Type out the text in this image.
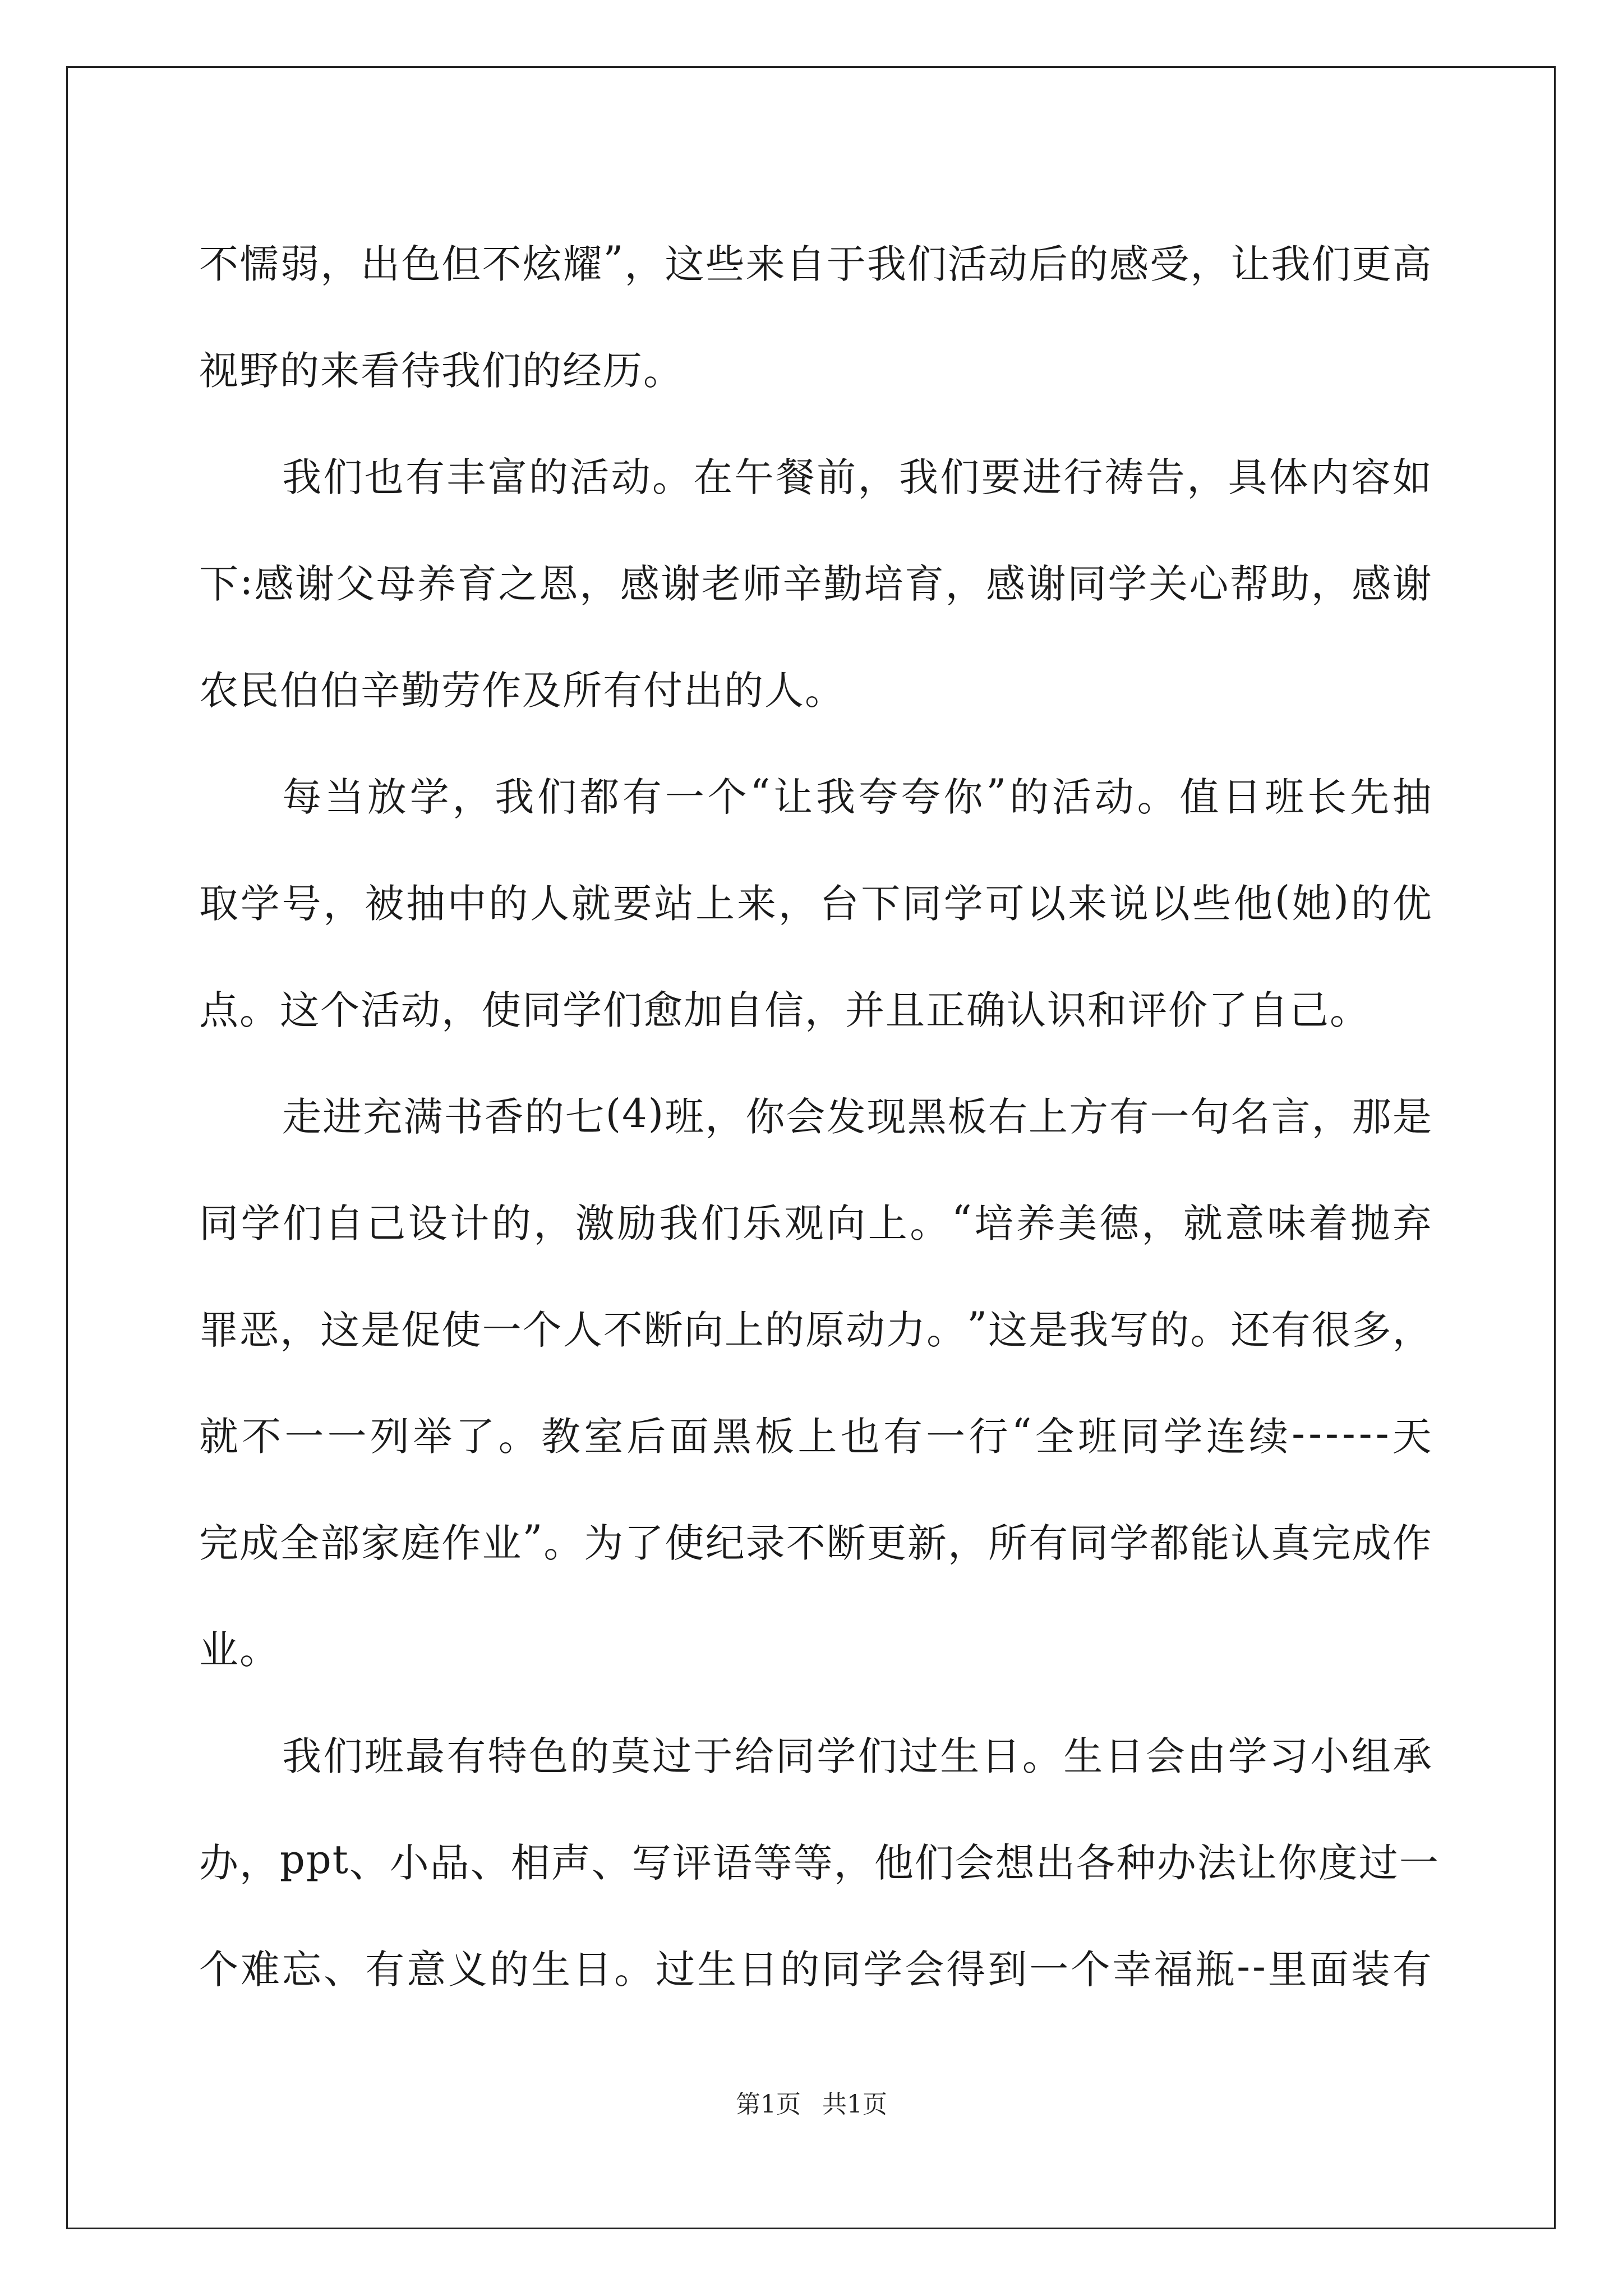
不 懦 弱 ， 出 色 但 不 炫 耀 ” ， 这 些 来 自 于 我 们 活 动 后 的 感 受 ， 让 我 们 更 高
视野的来看待我们的经历。
我 们 也 有 丰 富 的 活 动 。 在 午 餐 前 ， 我 们 要 进 行 祷 告 ， 具 体 内 容 如
下 : 感 谢 父 母 养 育 之 恩 ， 感 谢 老 师 辛 勤 培 育 ， 感 谢 同 学 关 心 帮 助 ， 感 谢
农民伯伯辛勤劳作及所有付出的人。
每 当 放 学 ， 我 们 都 有 一 个 “ 让 我 夸 夸 你 ” 的 活 动 。 值 日 班 长 先 抽
取 学 号 ， 被 抽 中 的 人 就 要 站 上 来 ， 台 下 同 学 可 以 来 说 以 些 他 ( 她 ) 的 优
点。这个活动，使同学们愈加自信，并且正确认识和评价了自己。
走 进 充 满 书 香 的 七 ( 4 ) 班 ， 你 会 发 现 黑 板 右 上 方 有 一 句 名 言 ， 那 是
同 学 们 自 己 设 计 的 ， 激 励 我 们 乐 观 向 上 。 “ 培 养 美 德 ， 就 意 味 着 抛 弃
罪 恶 ， 这 是 促 使 一 个 人 不 断 向 上 的 原 动 力 。 ” 这 是 我 写 的 。 还 有 很 多 ，
就 不 一 一 列 举 了 。 教 室 后 面 黑 板 上 也 有 一 行 “ 全 班 同 学 连 续 - - - - - - 天
完 成 全 部 家 庭 作 业 ” 。 为 了 使 纪 录 不 断 更 新 ， 所 有 同 学 都 能 认 真 完 成 作
业。
我 们 班 最 有 特 色 的 莫 过 于 给 同 学 们 过 生 日 。 生 日 会 由 学 习 小 组 承
办 ， p p t 、 小 品 、 相 声 、 写 评 语 等 等 ， 他 们 会 想 出 各 种 办 法 让 你 度 过 一
个 难 忘 、 有 意 义 的 生 日 。 过 生 日 的 同 学 会 得 到 一 个 幸 福 瓶 - - 里 面 装 有
第1页 共1页
